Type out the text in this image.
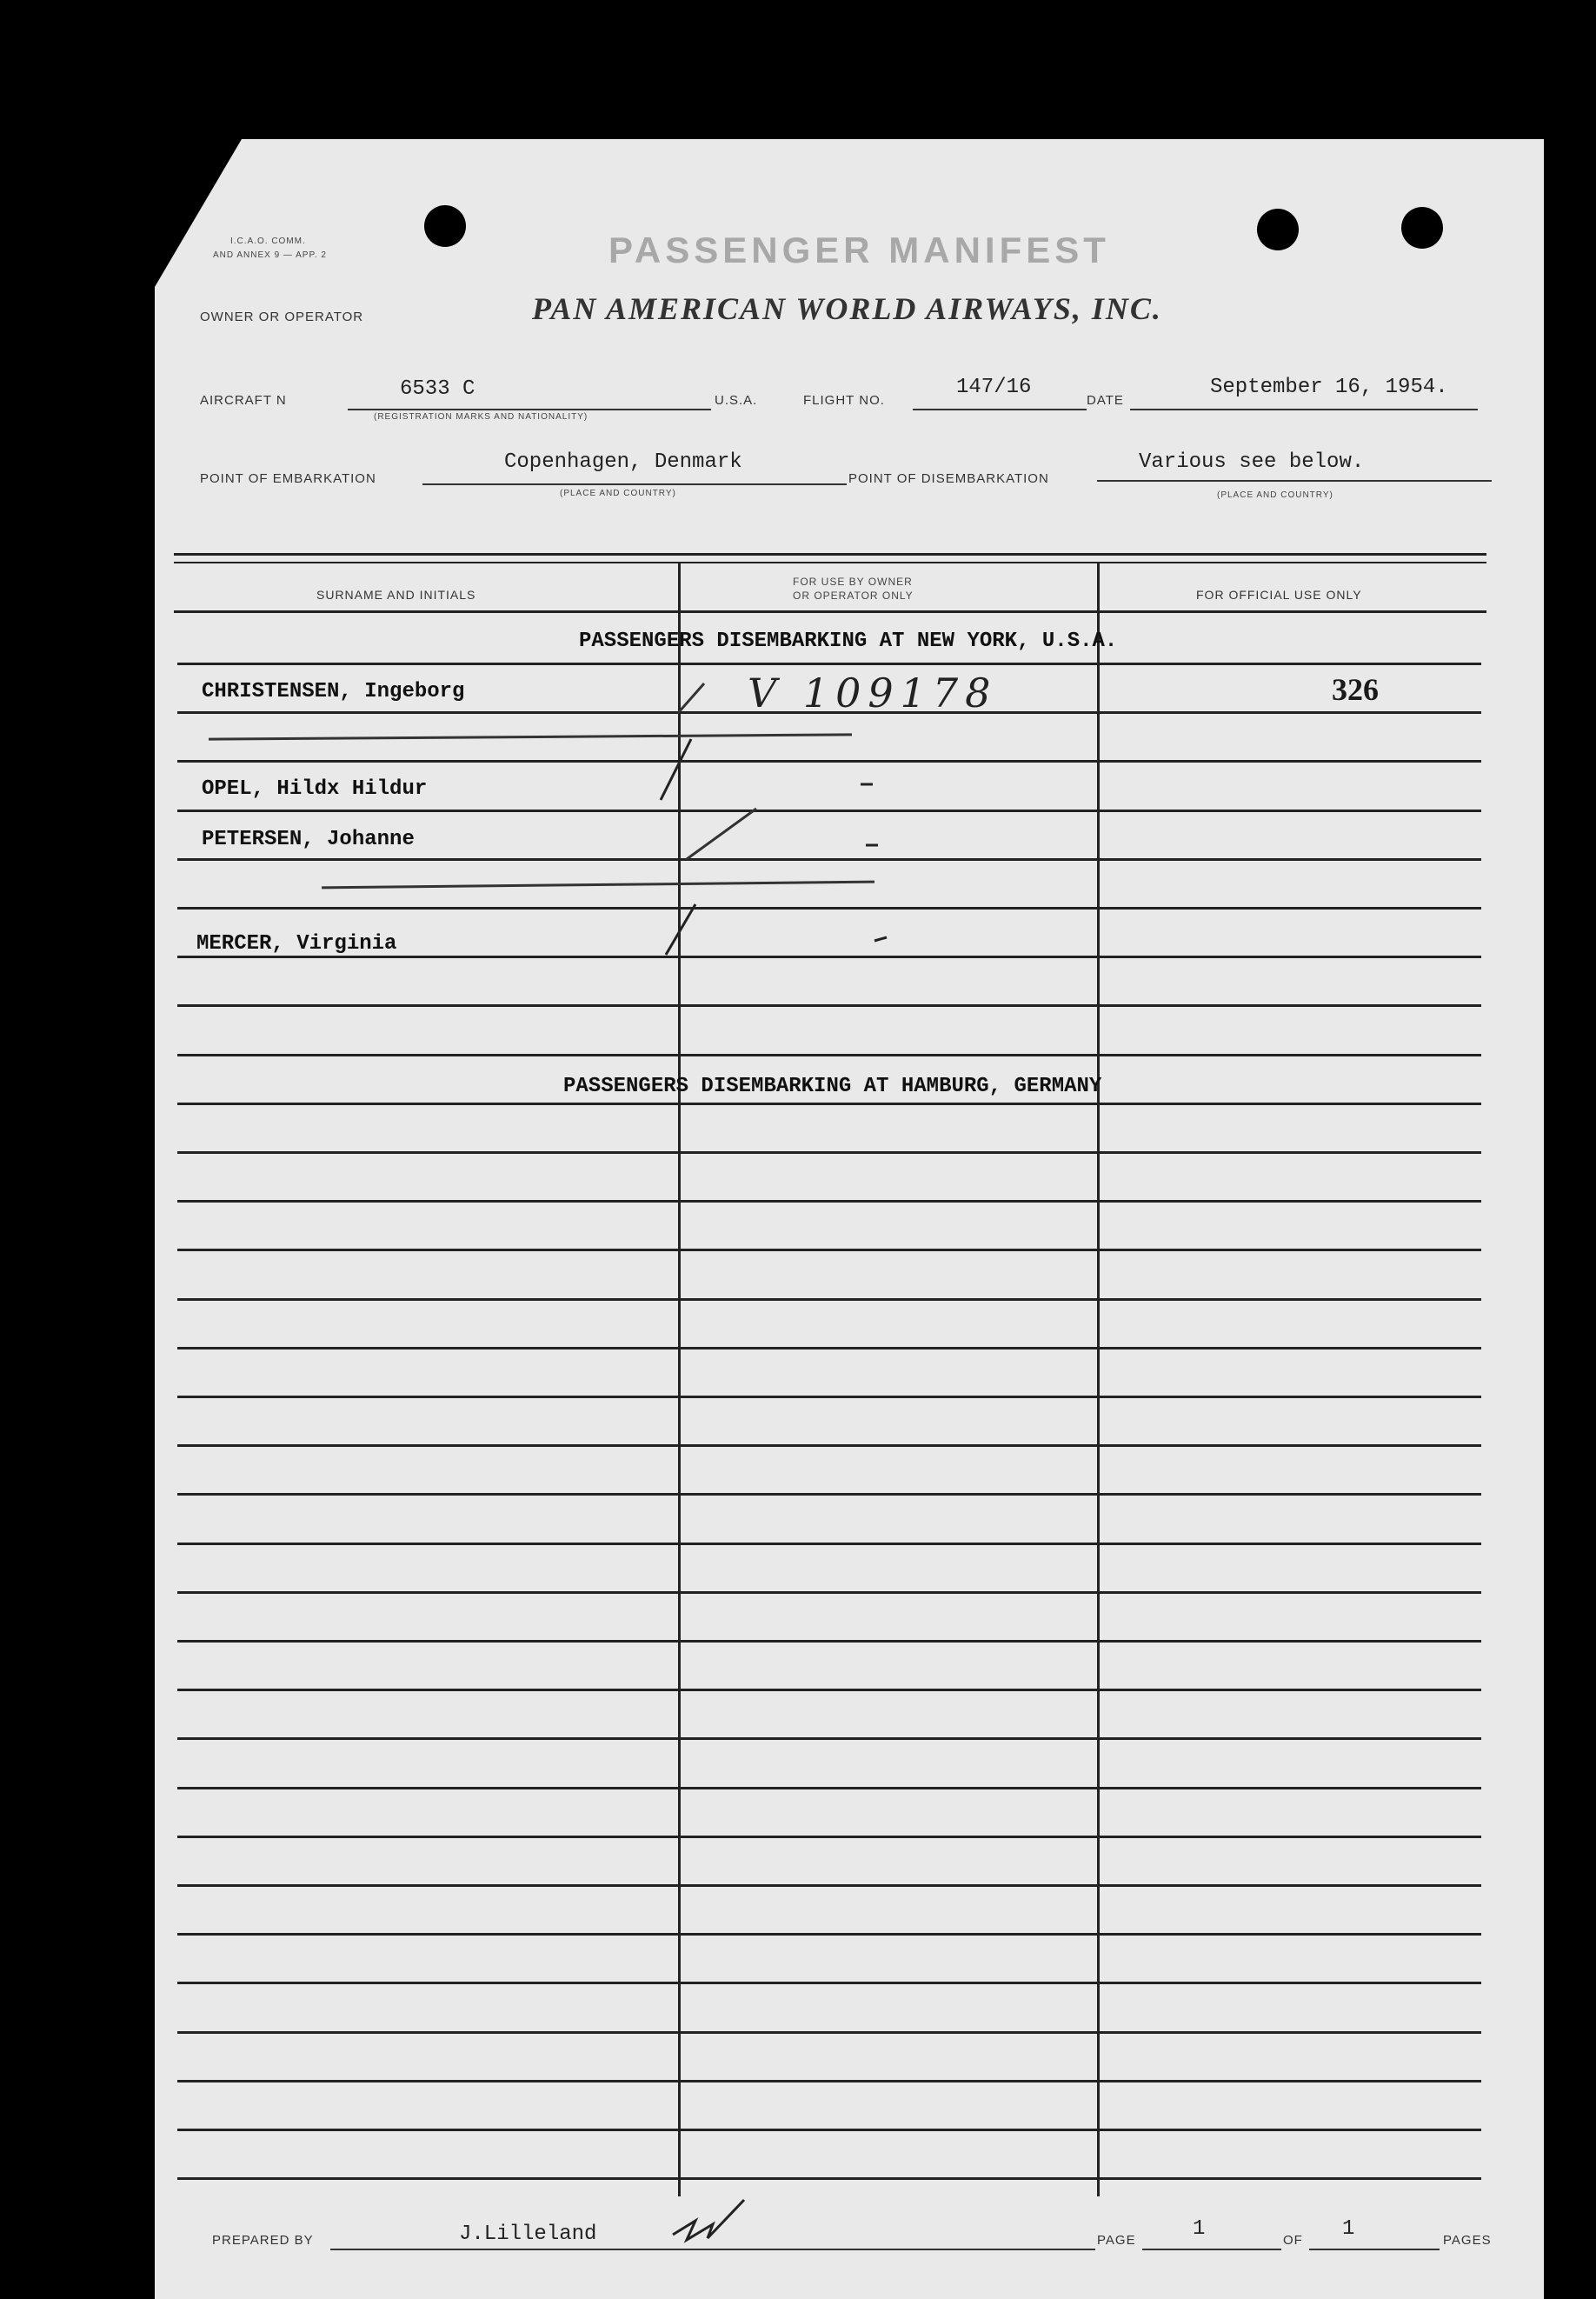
I.C.A.O. COMM.
AND ANNEX 9 — APP. 2	PASSENGER MANIFEST
OWNER OR OPERATOR	PAN AMERICAN WORLD AIRWAYS, INC.
AIRCRAFT N	6533 C
(REGISTRATION MARKS AND NATIONALITY)
U.S.A.	FLIGHT NO.
147/16
DATE
September 16, 1954.
POINT OF EMBARKATION
Copenhagen, Denmark
(PLACE AND COUNTRY)
POINT OF DISEMBARKATION
Various see below.
(PLACE AND COUNTRY)
SURNAME AND INITIALS
FOR USE BY OWNER
OR OPERATOR ONLY	FOR OFFICIAL USE ONLY
PASSENGERS DISEMBARKING AT NEW YORK, U.S.A.
CHRISTENSEN, Ingeborg	V 109178	326
OPEL, Hildx Hildur
PETERSEN, Johanne
MERCER, Virginia
PASSENGERS DISEMBARKING AT HAMBURG, GERMANY
PREPARED BY	J.Lilleland	PAGE	1	OF 1	PAGES
